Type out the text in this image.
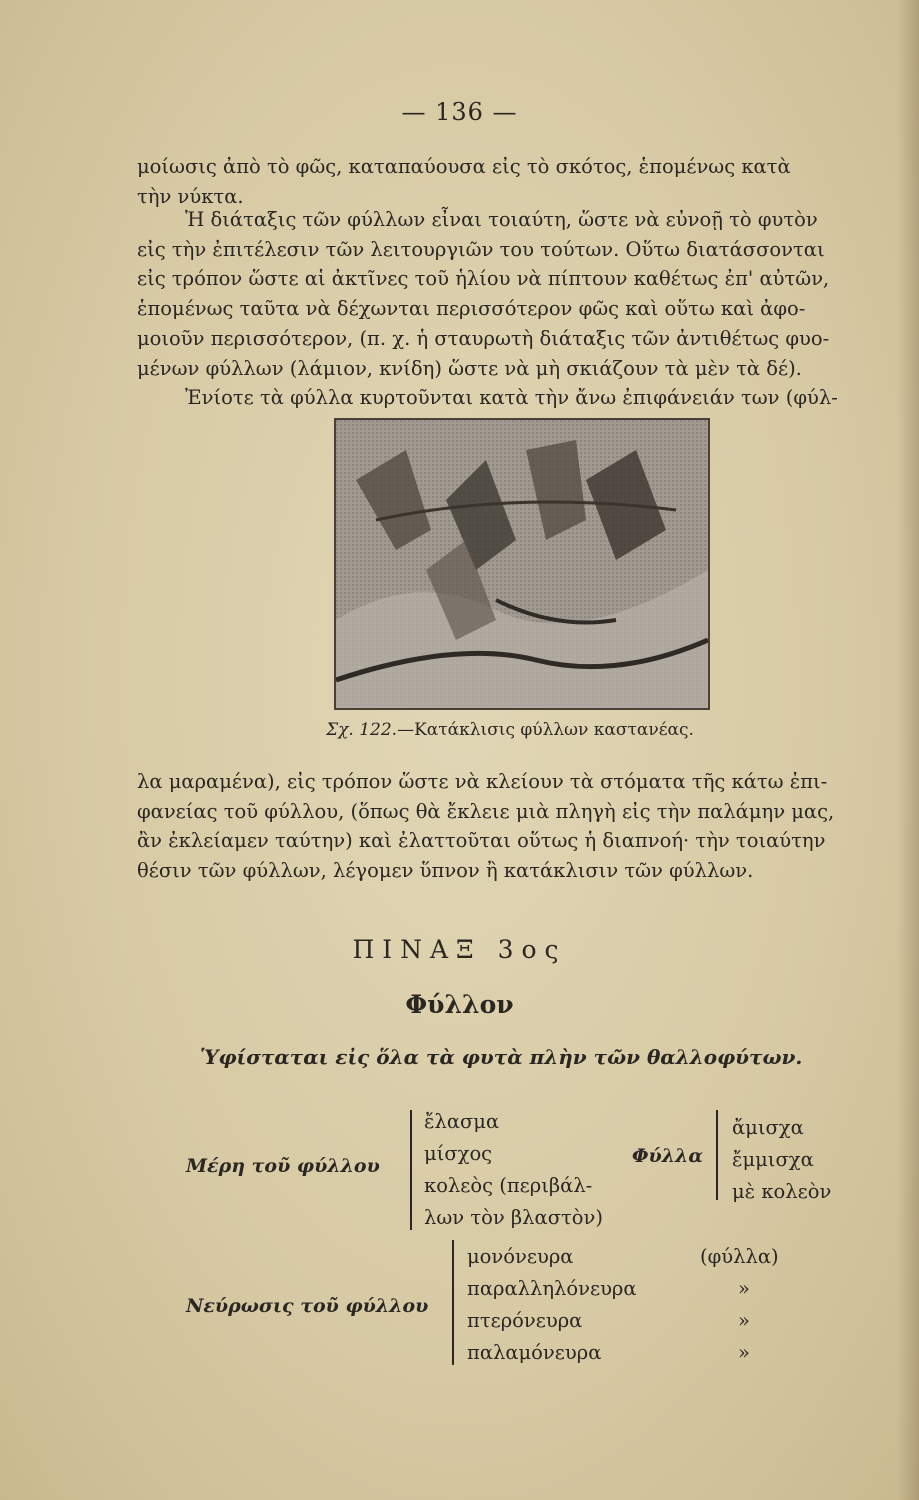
— 136 —
μοίωσις ἀπὸ τὸ φῶς, καταπαύουσα εἰς τὸ σκότος, ἑπομένως κατὰ
τὴν νύκτα.
Ἡ διάταξις τῶν φύλλων εἶναι τοιαύτη, ὥστε νὰ εὐνοῇ τὸ φυτὸν
εἰς τὴν ἐπιτέλεσιν τῶν λειτουργιῶν του τούτων. Οὕτω διατάσσονται
εἰς τρόπον ὥστε αἱ ἀκτῖνες τοῦ ἡλίου νὰ πίπτουν καθέτως ἐπ' αὐτῶν,
ἑπομένως ταῦτα νὰ δέχωνται περισσότερον φῶς καὶ οὕτω καὶ ἀφο-
μοιοῦν περισσότερον, (π. χ. ἡ σταυρωτὴ διάταξις τῶν ἀντιθέτως φυο-
μένων φύλλων (λάμιον, κνίδη) ὥστε νὰ μὴ σκιάζουν τὰ μὲν τὰ δέ).
Ἐνίοτε τὰ φύλλα κυρτοῦνται κατὰ τὴν ἄνω ἐπιφάνειάν των (φύλ-
Σχ. 122.—Κατάκλισις φύλλων καστανέας.
λα μαραμένα), εἰς τρόπον ὥστε νὰ κλείουν τὰ στόματα τῆς κάτω ἐπι-
φανείας τοῦ φύλλου, (ὅπως θὰ ἔκλειε μιὰ πληγὴ εἰς τὴν παλάμην μας,
ἂν ἐκλείαμεν ταύτην) καὶ ἐλαττοῦται οὕτως ἡ διαπνοή· τὴν τοιαύτην
θέσιν τῶν φύλλων, λέγομεν ὕπνον ἢ κατάκλισιν τῶν φύλλων.
ΠΙΝΑΞ 3ος
Φύλλον
Ὑφίσταται εἰς ὅλα τὰ φυτὰ πλὴν τῶν θαλλοφύτων.
Μέρη τοῦ φύλλου
ἔλασμα
μίσχος
κολεὸς (περιβάλ-
λων τὸν βλαστὸν)
Φύλλα
ἄμισχα
ἔμμισχα
μὲ κολεὸν
Νεύρωσις τοῦ φύλλου
μονόνευρα
παραλληλόνευρα
πτερόνευρα
παλαμόνευρα
(φύλλα)
»
»
»
